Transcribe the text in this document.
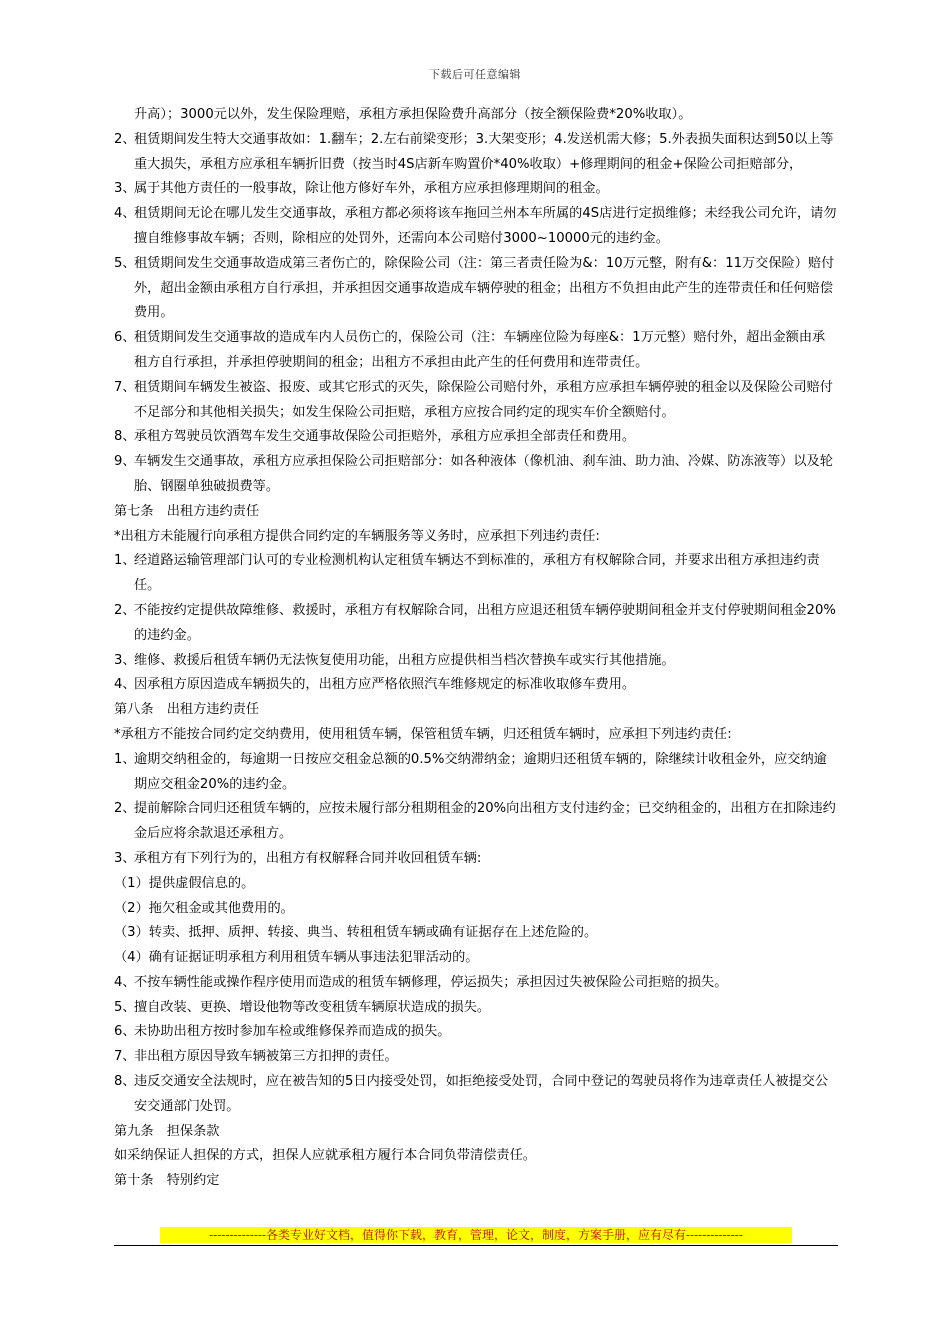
下载后可任意编辑

升高）；3000元以外，发生保险理赔，承租方承担保险费升高部分（按全额保险费*20%收取）。

2、
租赁期间发生特大交通事故如：1.翻车；2.左右前梁变形；3.大架变形；4.发送机需大修；5.外表损失面积达到50以上等重大损失，承租方应承租车辆折旧费（按当时4S店新车购置价*40%收取）+修理期间的租金+保险公司拒赔部分，

3、
属于其他方责任的一般事故，除让他方修好车外，承租方应承担修理期间的租金。

4、
租赁期间无论在哪儿发生交通事故，承租方都必须将该车拖回兰州本车所属的4S店进行定损维修；未经我公司允许，请勿擅自维修事故车辆；否则，除相应的处罚外，还需向本公司赔付3000~10000元的违约金。

5、
租赁期间发生交通事故造成第三者伤亡的，除保险公司（注：第三者责任险为&：10万元整，附有&：11万交保险）赔付外，超出金额由承租方自行承担，并承担因交通事故造成车辆停驶的租金；出租方不负担由此产生的连带责任和任何赔偿费用。

6、
租赁期间发生交通事故的造成车内人员伤亡的，保险公司（注：车辆座位险为每座&：1万元整）赔付外，超出金额由承租方自行承担，并承担停驶期间的租金；出租方不承担由此产生的任何费用和连带责任。

7、
租赁期间车辆发生被盗、报废、或其它形式的灭失，除保险公司赔付外，承租方应承担车辆停驶的租金以及保险公司赔付不足部分和其他相关损失；如发生保险公司拒赔，承租方应按合同约定的现实车价全额赔付。

8、
承租方驾驶员饮酒驾车发生交通事故保险公司拒赔外，承租方应承担全部责任和费用。

9、
车辆发生交通事故，承租方应承担保险公司拒赔部分：如各种液体（像机油、刹车油、助力油、冷媒、防冻液等）以及轮胎、钢圈单独破损费等。

第七条　出租方违约责任

*出租方未能履行向承租方提供合同约定的车辆服务等义务时，应承担下列违约责任:

1、
经道路运输管理部门认可的专业检测机构认定租赁车辆达不到标准的，承租方有权解除合同，并要求出租方承担违约责任。

2、
不能按约定提供故障维修、救援时，承租方有权解除合同，出租方应退还租赁车辆停驶期间租金并支付停驶期间租金20%的违约金。

3、
维修、救援后租赁车辆仍无法恢复使用功能，出租方应提供相当档次替换车或实行其他措施。

4、
因承租方原因造成车辆损失的，出租方应严格依照汽车维修规定的标准收取修车费用。

第八条　出租方违约责任

*承租方不能按合同约定交纳费用，使用租赁车辆，保管租赁车辆，归还租赁车辆时，应承担下列违约责任:

1、
逾期交纳租金的，每逾期一日按应交租金总额的0.5%交纳滞纳金；逾期归还租赁车辆的，除继续计收租金外，应交纳逾期应交租金20%的违约金。

2、
提前解除合同归还租赁车辆的，应按未履行部分租期租金的20%向出租方支付违约金；已交纳租金的，出租方在扣除违约金后应将余款退还承租方。

3、
承租方有下列行为的，出租方有权解释合同并收回租赁车辆:

（1）提供虚假信息的。

（2）拖欠租金或其他费用的。

（3）转卖、抵押、质押、转接、典当、转租租赁车辆或确有证据存在上述危险的。

（4）确有证据证明承租方利用租赁车辆从事违法犯罪活动的。

4、
不按车辆性能或操作程序使用而造成的租赁车辆修理，停运损失；承担因过失被保险公司拒赔的损失。

5、
擅自改装、更换、增设他物等改变租赁车辆原状造成的损失。

6、
未协助出租方按时参加车检或维修保养而造成的损失。

7、
非出租方原因导致车辆被第三方扣押的责任。

8、
违反交通安全法规时，应在被告知的5日内接受处罚，如拒绝接受处罚，合同中登记的驾驶员将作为违章责任人被提交公安交通部门处罚。

第九条　担保条款

如采纳保证人担保的方式，担保人应就承租方履行本合同负带清偿责任。

第十条　特别约定

--------------各类专业好文档，值得你下载，教育，管理，论文，制度，方案手册，应有尽有--------------
